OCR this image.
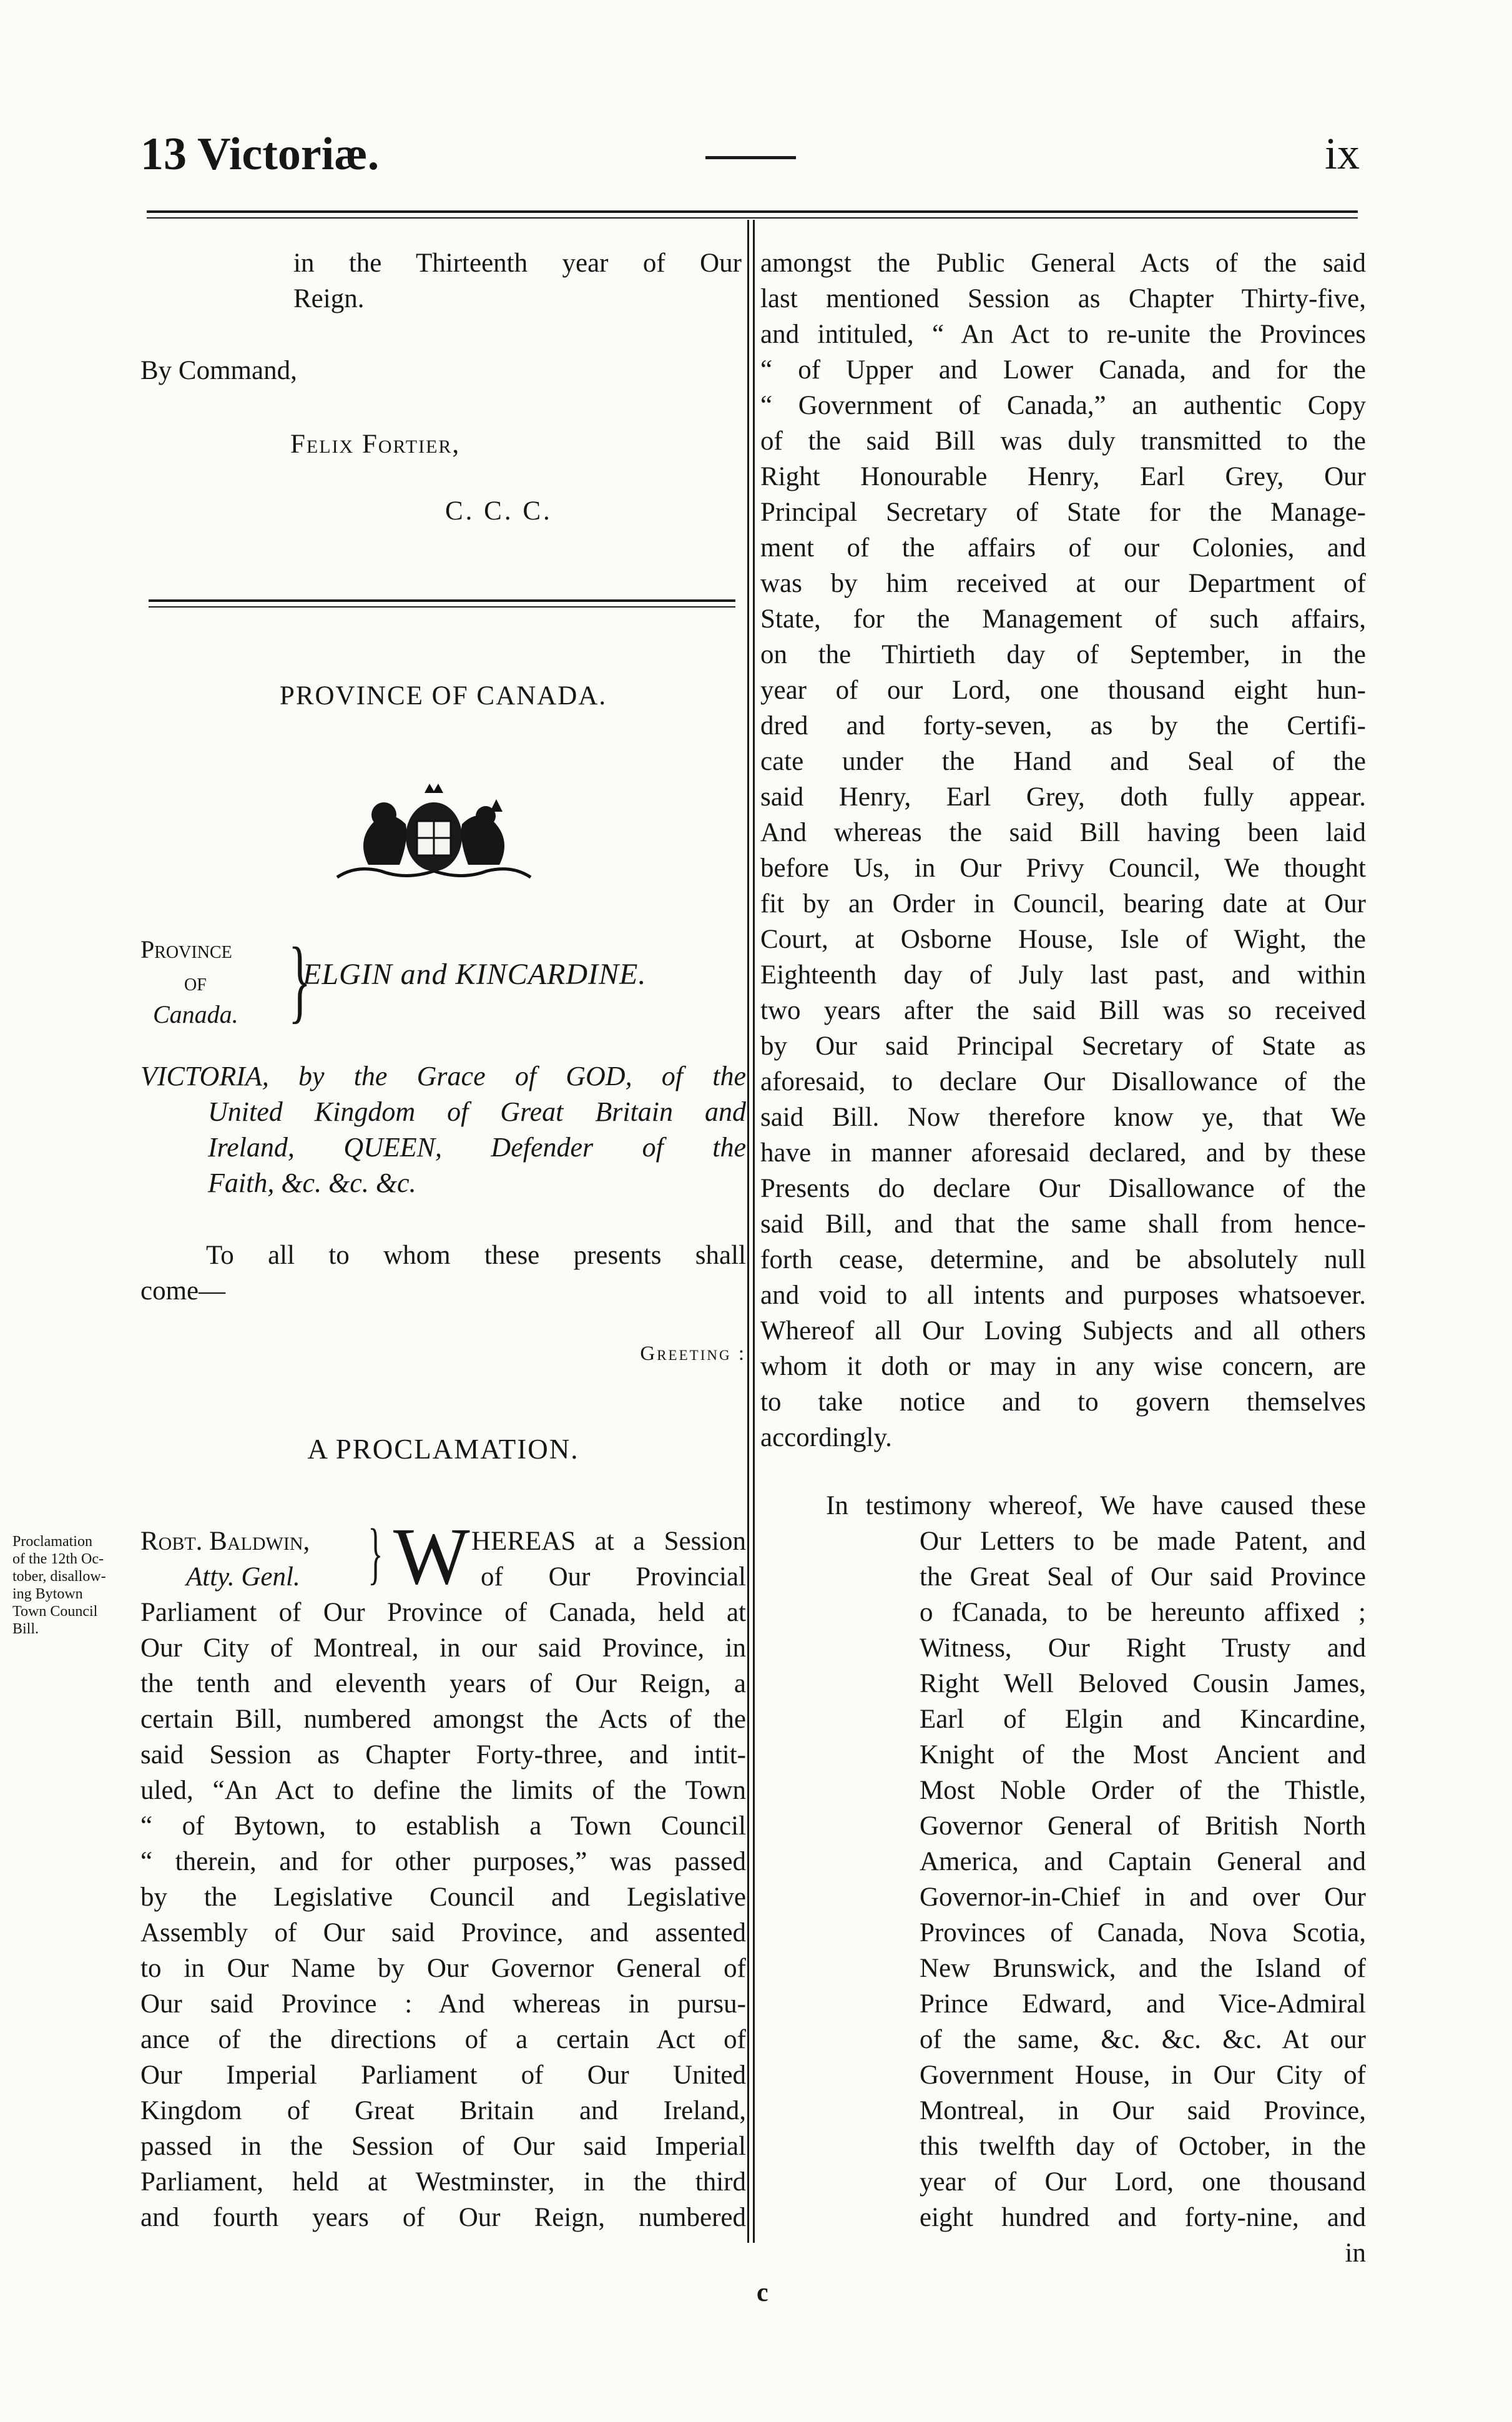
13 Victoriæ.	ix

in the Thirteenth year of Our

Reign.

By Command,
Felix Fortier,
C. C. C.
PROVINCE OF CANADA.
Province
of
Canada. }
ELGIN and KINCARDINE.
VICTORIA, by the Grace of GOD, of the

United Kingdom of Great Britain and

Ireland, QUEEN, Defender of the

Faith, &c. &c. &c.

To all to whom these presents shall

come—

Greeting :
A PROCLAMATION.
Proclamation
of the 12th Oc-
tober, disallow-
ing Bytown
Town Council
Bill.
Robt. Baldwin,
Atty. Genl. } W HEREAS at a Session

of Our Provincial

Parliament of Our Province of Canada, held at

Our City of Montreal, in our said Province, in

the tenth and eleventh years of Our Reign, a

certain Bill, numbered amongst the Acts of the

said Session as Chapter Forty-three, and intit-

uled, “An Act to define the limits of the Town

“ of Bytown, to establish a Town Council

“ therein, and for other purposes,” was passed

by the Legislative Council and Legislative

Assembly of Our said Province, and assented

to in Our Name by Our Governor General of

Our said Province : And whereas in pursu-

ance of the directions of a certain Act of

Our Imperial Parliament of Our United

Kingdom of Great Britain and Ireland,

passed in the Session of Our said Imperial

Parliament, held at Westminster, in the third

and fourth years of Our Reign, numbered

amongst the Public General Acts of the said

last mentioned Session as Chapter Thirty-five,

and intituled, “ An Act to re-unite the Provinces

“ of Upper and Lower Canada, and for the

“ Government of Canada,” an authentic Copy

of the said Bill was duly transmitted to the

Right Honourable Henry, Earl Grey, Our

Principal Secretary of State for the Manage-

ment of the affairs of our Colonies, and

was by him received at our Department of

State, for the Management of such affairs,

on the Thirtieth day of September, in the

year of our Lord, one thousand eight hun-

dred and forty-seven, as by the Certifi-

cate under the Hand and Seal of the

said Henry, Earl Grey, doth fully appear.

And whereas the said Bill having been laid

before Us, in Our Privy Council, We thought

fit by an Order in Council, bearing date at Our

Court, at Osborne House, Isle of Wight, the

Eighteenth day of July last past, and within

two years after the said Bill was so received

by Our said Principal Secretary of State as

aforesaid, to declare Our Disallowance of the

said Bill. Now therefore know ye, that We

have in manner aforesaid declared, and by these

Presents do declare Our Disallowance of the

said Bill, and that the same shall from hence-

forth cease, determine, and be absolutely null

and void to all intents and purposes whatsoever.

Whereof all Our Loving Subjects and all others

whom it doth or may in any wise concern, are

to take notice and to govern themselves

accordingly.

In testimony whereof, We have caused these

Our Letters to be made Patent, and

the Great Seal of Our said Province

o fCanada, to be hereunto affixed ;

Witness, Our Right Trusty and

Right Well Beloved Cousin James,

Earl of Elgin and Kincardine,

Knight of the Most Ancient and

Most Noble Order of the Thistle,

Governor General of British North

America, and Captain General and

Governor-in-Chief in and over Our

Provinces of Canada, Nova Scotia,

New Brunswick, and the Island of

Prince Edward, and Vice-Admiral

of the same, &c. &c. &c. At our

Government House, in Our City of

Montreal, in Our said Province,

this twelfth day of October, in the

year of Our Lord, one thousand

eight hundred and forty-nine, and

in

c
